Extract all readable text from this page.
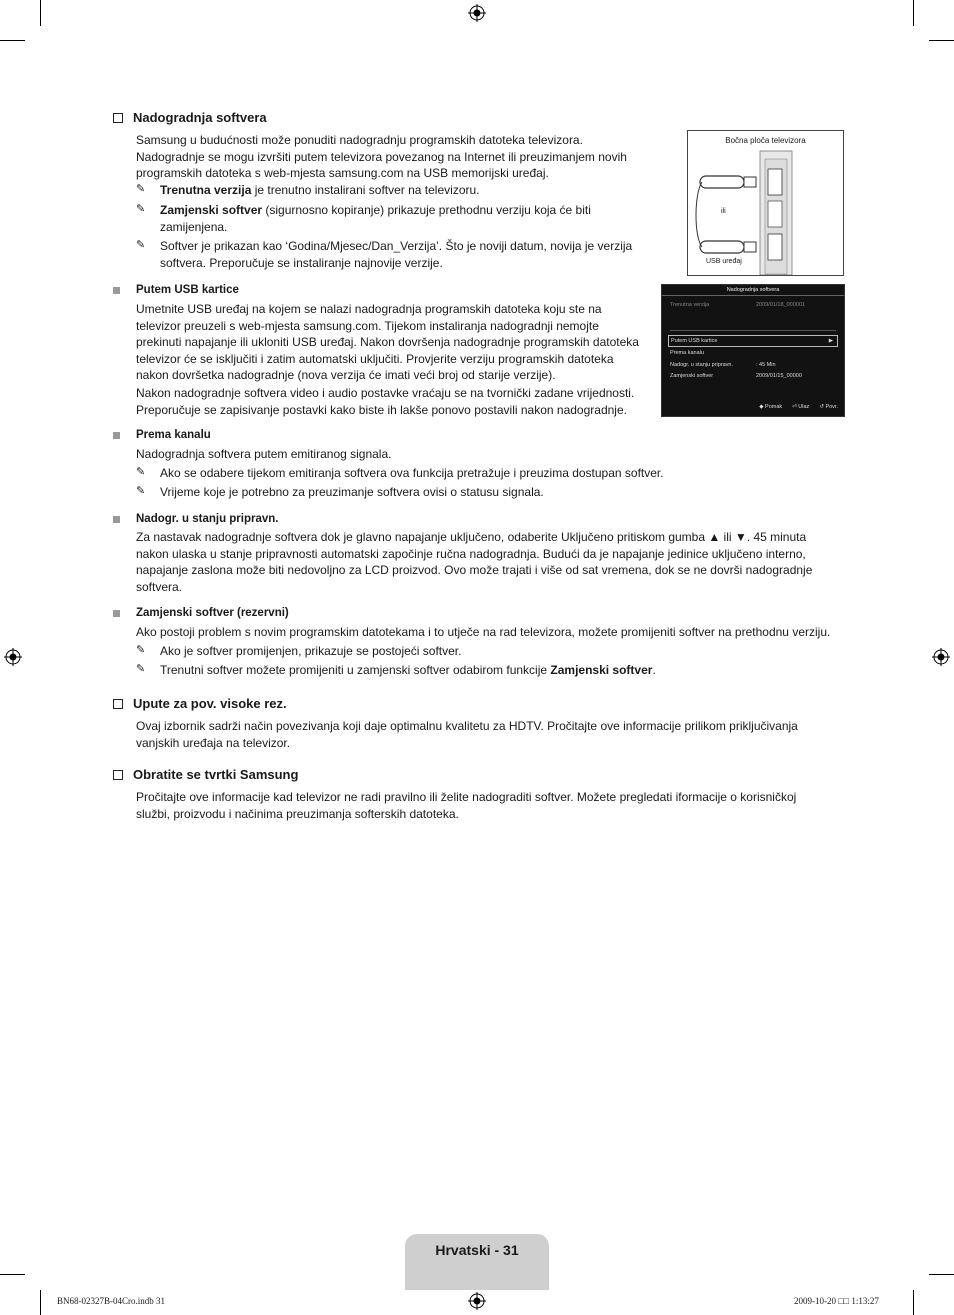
Nadogradnja softvera
Samsung u budućnosti može ponuditi nadogradnju programskih datoteka televizora.
Nadogradnje se mogu izvršiti putem televizora povezanog na Internet ili preuzimanjem novih
programskih datoteka s web-mjesta samsung.com na USB memorijski uređaj.
✎	Trenutna verzija je trenutno instalirani softver na televizoru.
✎	Zamjenski softver (sigurnosno kopiranje) prikazuje prethodnu verziju koja će biti
zamijenjena.
✎	Softver je prikazan kao ‘Godina/Mjesec/Dan_Verzija’. Što je noviji datum, novija je verzija
softvera. Preporučuje se instaliranje najnovije verzije.
Bočna ploča televizora
ili
USB uređaj
Putem USB kartice
Umetnite USB uređaj na kojem se nalazi nadogradnja programskih datoteka koju ste na
televizor preuzeli s web-mjesta samsung.com. Tijekom instaliranja nadogradnji nemojte
prekinuti napajanje ili ukloniti USB uređaj. Nakon dovršenja nadogradnje programskih datoteka
televizor će se isključiti i zatim automatski uključiti. Provjerite verziju programskih datoteka
nakon dovršetka nadogradnje (nova verzija će imati veći broj od starije verzije).
Nakon nadogradnje softvera video i audio postavke vraćaju se na tvornički zadane vrijednosti.
Preporučuje se zapisivanje postavki kako biste ih lakše ponovo postavili nakon nadogradnje.
Nadogradnja softvera
Trenutna verzija	2009/01/18_000001
Putem USB kartice	▶
Prema kanalu
Nadogr. u stanju pripravn.	: 45 Min
Zamjenski softver	2009/01/15_00000
◆ Pomak ⏎ Ulaz ↺ Povr.
Prema kanalu
Nadogradnja softvera putem emitiranog signala.
✎	Ako se odabere tijekom emitiranja softvera ova funkcija pretražuje i preuzima dostupan softver.
✎	Vrijeme koje je potrebno za preuzimanje softvera ovisi o statusu signala.
Nadogr. u stanju pripravn.
Za nastavak nadogradnje softvera dok je glavno napajanje uključeno, odaberite Uključeno pritiskom gumba ▲ ili ▼. 45 minuta
nakon ulaska u stanje pripravnosti automatski započinje ručna nadogradnja. Budući da je napajanje jedinice uključeno interno,
napajanje zaslona može biti nedovoljno za LCD proizvod. Ovo može trajati i više od sat vremena, dok se ne dovrši nadogradnje
softvera.
Zamjenski softver (rezervni)
Ako postoji problem s novim programskim datotekama i to utječe na rad televizora, možete promijeniti softver na prethodnu verziju.
✎	Ako je softver promijenjen, prikazuje se postojeći softver.
✎	Trenutni softver možete promijeniti u zamjenski softver odabirom funkcije Zamjenski softver.
Upute za pov. visoke rez.
Ovaj izbornik sadrži način povezivanja koji daje optimalnu kvalitetu za HDTV. Pročitajte ove informacije prilikom priključivanja
vanjskih uređaja na televizor.
Obratite se tvrtki Samsung
Pročitajte ove informacije kad televizor ne radi pravilno ili želite nadograditi softver. Možete pregledati iformacije o korisničkoj
službi, proizvodu i načinima preuzimanja softerskih datoteka.
Hrvatski - 31
BN68-02327B-04Cro.indb 31	2009-10-20 □□ 1:13:27
